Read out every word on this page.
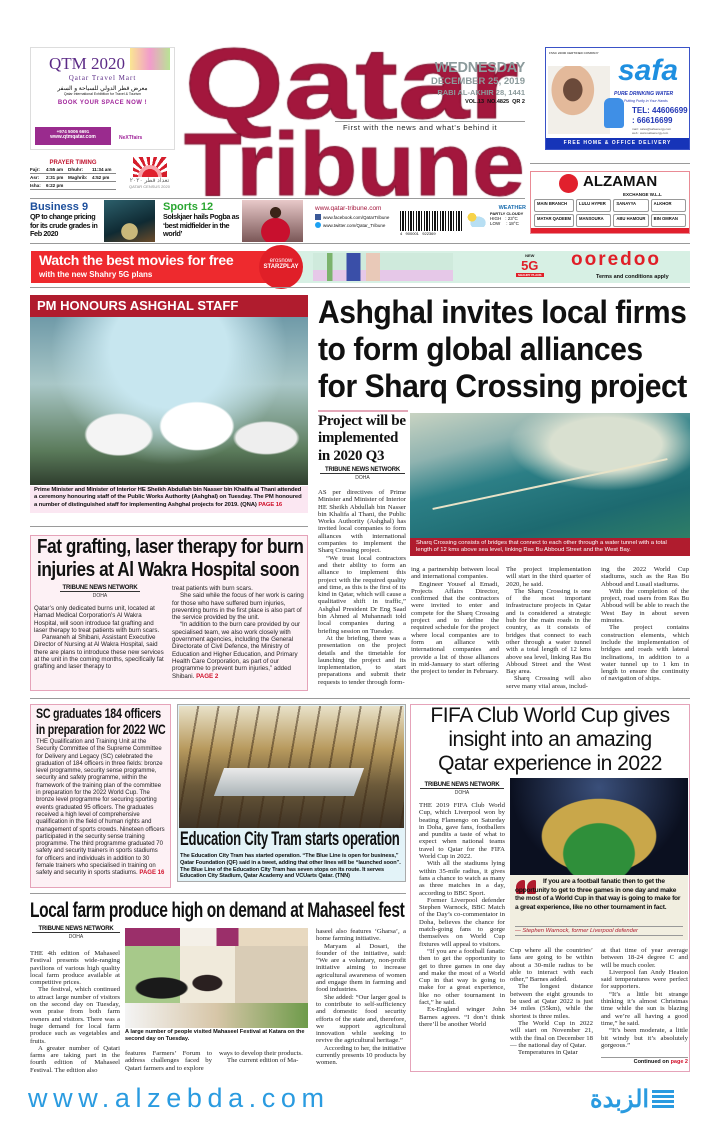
QTM 2020
Qatar Travel Mart
معرض قطر الدولي للسياحة و السفر
Qatar International Exhibition for Travel & Tourism
BOOK YOUR SPACE NOW !
+974 5006 6691
www.qtmqatar.com	NeXTfairs
PRAYER TIMING
Fajr:	4:55 am	Dhuhr:	11:34 am
Asr:	2:31 pm	Maghrib: 4:52 pm
Isha:	6:22 pm
تعداد قطر ٢٠٢٠
QATAR CENSUS 2020
First with the news and what's behind it
WEDNESDAY
DECEMBER 25, 2019
RABI AL-AKHIR 28, 1441
VOL.13  NO.4825  QR 2
FSSC 22000 CERTIFIED COMPANY
safa
PURE DRINKING WATER
Putting Purity in Your Hands
TEL: 44606699
: 66616699
mail : sales@safaenergy.com
web : www.safaenergy.com
FREE HOME & OFFICE DELIVERY
ALZAMAN
EXCHANGE W.L.L
MAIN BRANCH	LULU HYPER	SANAYYA	ALKHOR
MATAR QADEEM	MANSOURA	ABU HAMOUR	BIN OMRAN
Business 9
QP to change pricing for its crude grades in Feb 2020
Sports 12
Solskjaer hails Pogba as ‘best midfielder in the world’
www.qatar-tribune.com
www.facebook.com/QatarTribune
www.twitter.com/Qatar_Tribune
4   900001   922369
WEATHER
PARTLY CLOUDY
HIGH : 23°C
LOW : 18°C
Watch the best movies for free
with the new Shahry 5G plans
erosnow
STARZPLAY
NEW
5G
SHAHRY PLANS
ooredoo
Terms and conditions apply
PM HONOURS ASHGHAL STAFF
Prime Minister and Minister of Interior HE Sheikh Abdullah bin Nasser bin Khalifa al Thani attended a ceremony honouring staff of the Public Works Authority (Ashghal) on Tuesday. The PM honoured a number of distinguished staff for implementing Ashghal projects for 2019. (QNA) PAGE 16
Ashghal invites local firms
to form global alliances
for Sharq Crossing project
Project will be
implemented
in 2020 Q3
TRIBUNE NEWS NETWORK
DOHA

AS per directives of Prime Minister and Minister of Interior HE Sheikh Abdullah bin Nasser bin Khalifa al Thani, the Public Works Authority (Ashghal) has invited local companies to form alliances with international companies to implement the Sharq Crossing project.

“We trust local contractors and their ability to form an alliance to implement this project with the required quality and time, as this is the first of its kind in Qatar, which will cause a qualitative shift in traffic,” Ashghal President Dr Eng Saad bin Ahmed al Muhannadi told local companies during a briefing session on Tuesday.

At the briefing, there was a presentation on the project details and the timetable for launching the project and its implementation, to start preparations and submit their requests to tender through form-

Sharq Crossing consists of bridges that connect to each other through a water tunnel with a total length of 12 kms above sea level, linking Ras Bu Abboud Street and the West Bay.

ing a partnership between local and international companies.

Engineer Yousef al Emadi, Projects Affairs Director, confirmed that the contractors were invited to enter and compete for the Sharq Crossing project and to define the required schedule for the project where local companies are to form an alliance with international companies and provide a list of those alliances in mid-January to start offering the project to tender in February.

The project implementation will start in the third quarter of 2020, he said.

The Sharq Crossing is one of the most important infrastructure projects in Qatar and is considered a strategic hub for the main roads in the country, as it consists of bridges that connect to each other through a water tunnel with a total length of 12 kms above sea level, linking Ras Bu Abboud Street and the West Bay area.

Sharq Crossing will also serve many vital areas, includ-

ing the 2022 World Cup stadiums, such as the Ras Bu Abboud and Lusail stadiums.

With the completion of the project, road users from Ras Bu Abboud will be able to reach the West Bay in about seven minutes.

The project contains construction elements, which include the implementation of bridges and roads with lateral inclinations, in addition to a water tunnel up to 1 km in length to ensure the continuity of navigation of ships.

Fat grafting, laser therapy for burn
injuries at Al Wakra Hospital soon
TRIBUNE NEWS NETWORK
DOHA

Qatar’s only dedicated burns unit, located at Hamad Medical Corporation’s Al Wakra Hospital, will soon introduce fat grafting and laser therapy to treat patients with burn scars.

Parwaneh al Shibani, Assistant Executive Director of Nursing at Al Wakra Hospital, said there are plans to introduce these new services at the unit in the coming months, specifically fat grafting and laser therapy to

treat patients with burn scars.

She said while the focus of her work is caring for those who have suffered burn injuries, preventing burns in the first place is also part of the service provided by the unit.

“In addition to the burn care provided by our specialised team, we also work closely with government agencies, including the General Directorate of Civil Defence, the Ministry of Education and Higher Education, and Primary Health Care Corporation, as part of our programme to prevent burn injuries,” added Shibani. PAGE 2

SC graduates 184 officers
in preparation for 2022 WC
THE Qualification and Training Unit at the Security Committee of the Supreme Committee for Delivery and Legacy (SC) celebrated the graduation of 184 officers in three fields: bronze level programme, security sense programme, security and safety programme, within the framework of the training plan of the committee in preparation for the 2022 World Cup. The bronze level programme for securing sporting events graduated 95 officers. The graduates received a high level of comprehensive qualification in the field of human rights and management of sports crowds. Nineteen officers participated in the security sense training programme. The third programme graduated 70 safety and security trainers in sports stadiums for officers and individuals in addition to 30 female trainers who specialised in training on safety and security in sports stadiums. PAGE 16
Education City Tram starts operation
The Education City Tram has started operation. “The Blue Line is open for business,” Qatar Foundation (QF) said in a tweet, adding that other lines will be “launched soon”. The Blue Line of the Education City Tram has seven stops on its route. It serves Education City Stadium, Qatar Academy and VCUarts Qatar. (TNN)
FIFA Club World Cup gives
insight into an amazing
Qatar experience in 2022
TRIBUNE NEWS NETWORK
DOHA

THE 2019 FIFA Club World Cup, which Liverpool won by beating Flamengo on Saturday in Doha, gave fans, footballers and pundits a taste of what to expect when national teams travel to Qatar for the FIFA World Cup in 2022.

With all the stadiums lying within 35-mile radius, it gives fans a chance to watch as many as three matches in a day, according to BBC Sport.

Former Liverpool defender Stephen Warnock, BBC Match of the Day’s co-commentator in Doha, believes the chance for match-going fans to gorge themselves on World Cup fixtures will appeal to visitors.

“If you are a football fanatic then to get the opportunity to get to three games in one day and make the most of a World Cup in that way is going to make for a great experience, like no other tournament in fact,” he said.

Ex-England winger John Barnes agrees. “I don’t think there’ll be another World

If you are a football fanatic then to get the opportunity to get to three games in one day and make the most of a World Cup in that way is going to make for a great experience, like no other tournament in fact.
— Stephen Warnock, former Liverpool defender

Cup where all the countries’ fans are going to be within about a 30-mile radius to be able to interact with each other,” Barnes added.

The longest distance between the eight grounds to be used at Qatar 2022 is just 34 miles (55km), while the shortest is three miles.

The World Cup in 2022 will start on November 21, with the final on December 18 — the national day of Qatar.

Temperatures in Qatar

at that time of year average between 18-24 degree C and will be much cooler.

Liverpool fan Andy Heaton said temperatures were perfect for supporters.

“It’s a little bit strange thinking it’s almost Christmas time while the sun is blazing and we’re all having a good time,” he said.

“It’s been moderate, a little bit windy but it’s absolutely gorgeous.”

Continued on page 2
Local farm produce high on demand at Mahaseel fest
TRIBUNE NEWS NETWORK
DOHA

THE 4th edition of Mahaseel Festival presents wide-ranging pavilions of various high quality local farm produce available at competitive prices.

The festival, which continued to attract large number of visitors on the second day on Tuesday, won praise from both farm owners and visitors. There was a huge demand for local farm produce such as vegetables and fruits.

A greater number of Qatari farms are taking part in the fourth edition of Mahaseel Festival. The edition also

A large number of people visited Mahaseel Festival at Katara on the second day on Tuesday.

features Farmers’ Forum to address challenges faced by Qatari farmers and to explore

ways to develop their products.

The current edition of Ma-

haseel also features ‘Gharsa’, a home farming initiative.

Maryam al Dosari, the founder of the initiative, said: “We are a voluntary, non-profit initiative aiming to increase agricultural awareness of women and engage them in farming and food industries.

She added: “Our larger goal is to contribute to self-sufficiency and domestic food security efforts of the state and, therefore, we support agricultural innovation while seeking to revive the agricultural heritage.”

According to her, the initiative currently presents 10 products by women.

www.alzebda.com	الزبدة
